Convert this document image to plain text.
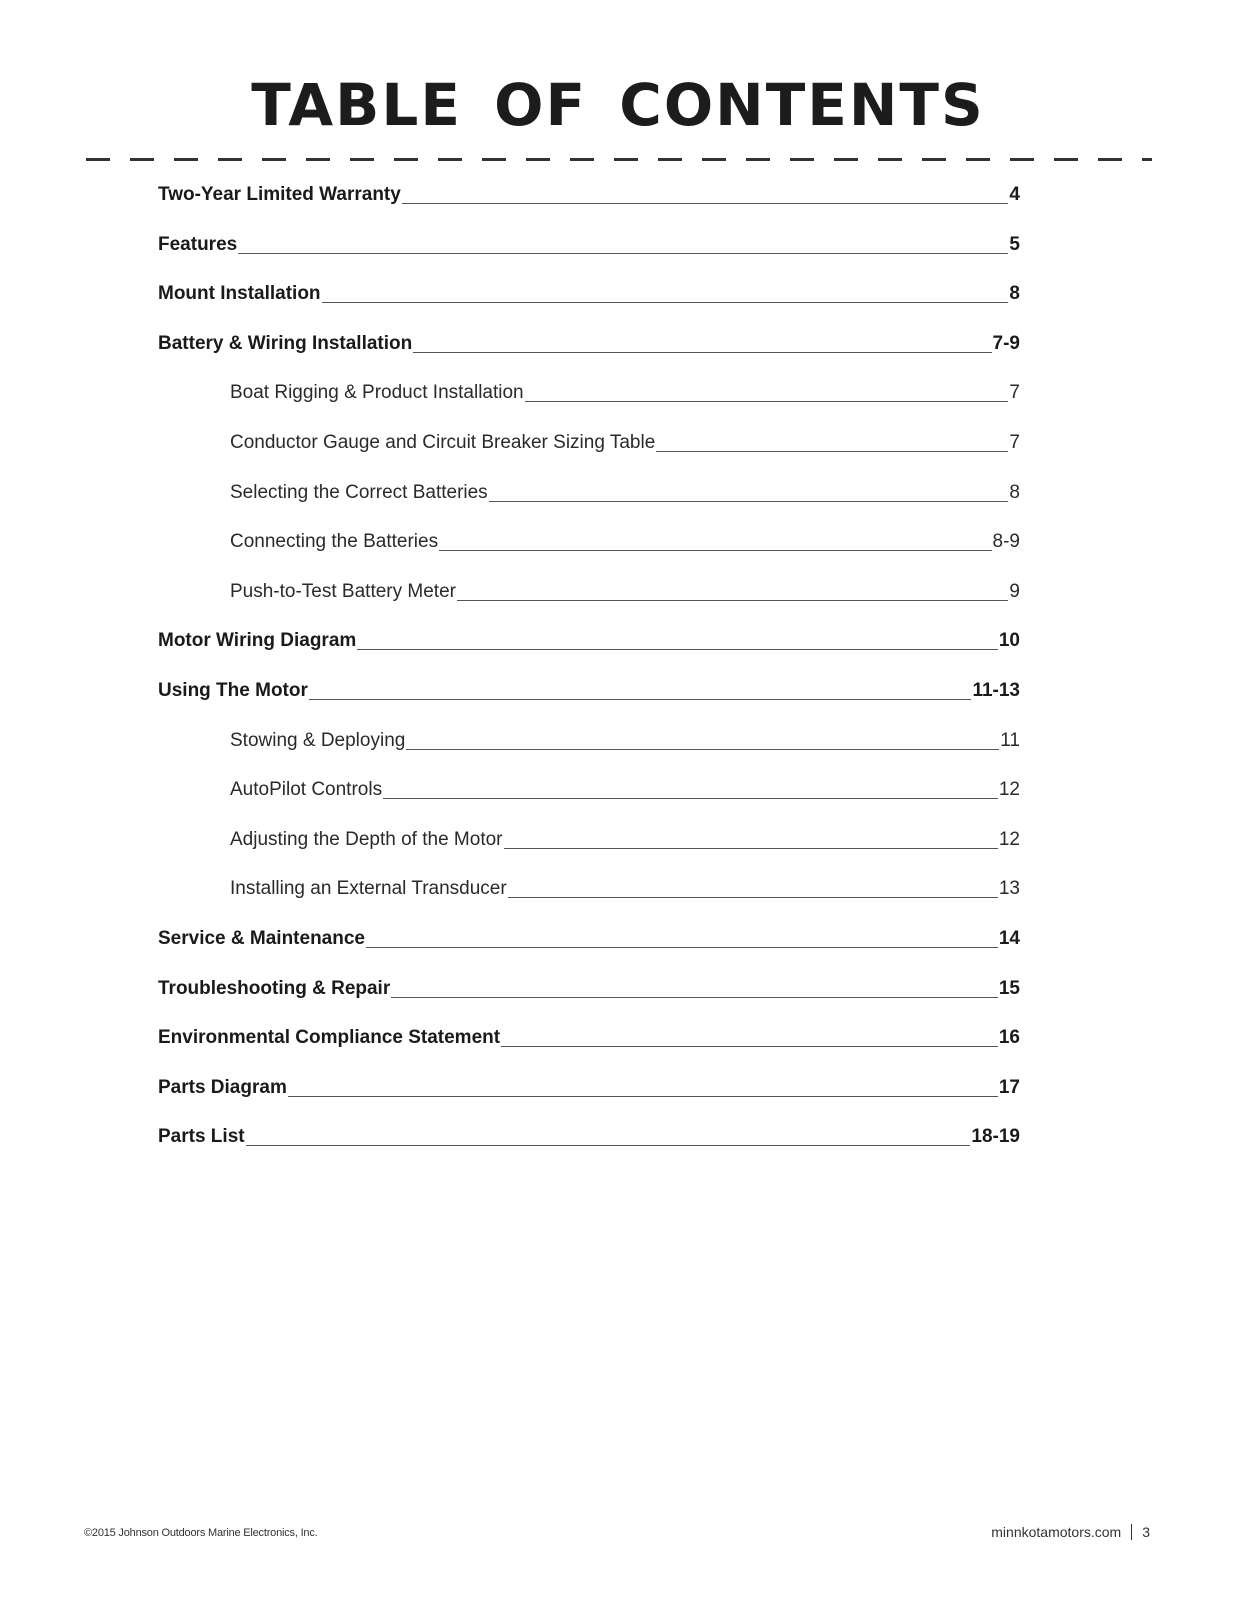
TABLE OF CONTENTS
Two-Year Limited Warranty	4
Features	5
Mount Installation	8
Battery & Wiring Installation	7-9
Boat Rigging & Product Installation	7
Conductor Gauge and Circuit Breaker Sizing Table	7
Selecting the Correct Batteries	8
Connecting the Batteries	8-9
Push-to-Test Battery Meter	9
Motor Wiring Diagram	10
Using The Motor	11-13
Stowing & Deploying	11
AutoPilot Controls	12
Adjusting the Depth of the Motor	12
Installing an External Transducer	13
Service & Maintenance	14
Troubleshooting & Repair	15
Environmental Compliance Statement	16
Parts Diagram	17
Parts List	18-19
©2015 Johnson Outdoors Marine Electronics, Inc.	minnkotamotors.com 3
